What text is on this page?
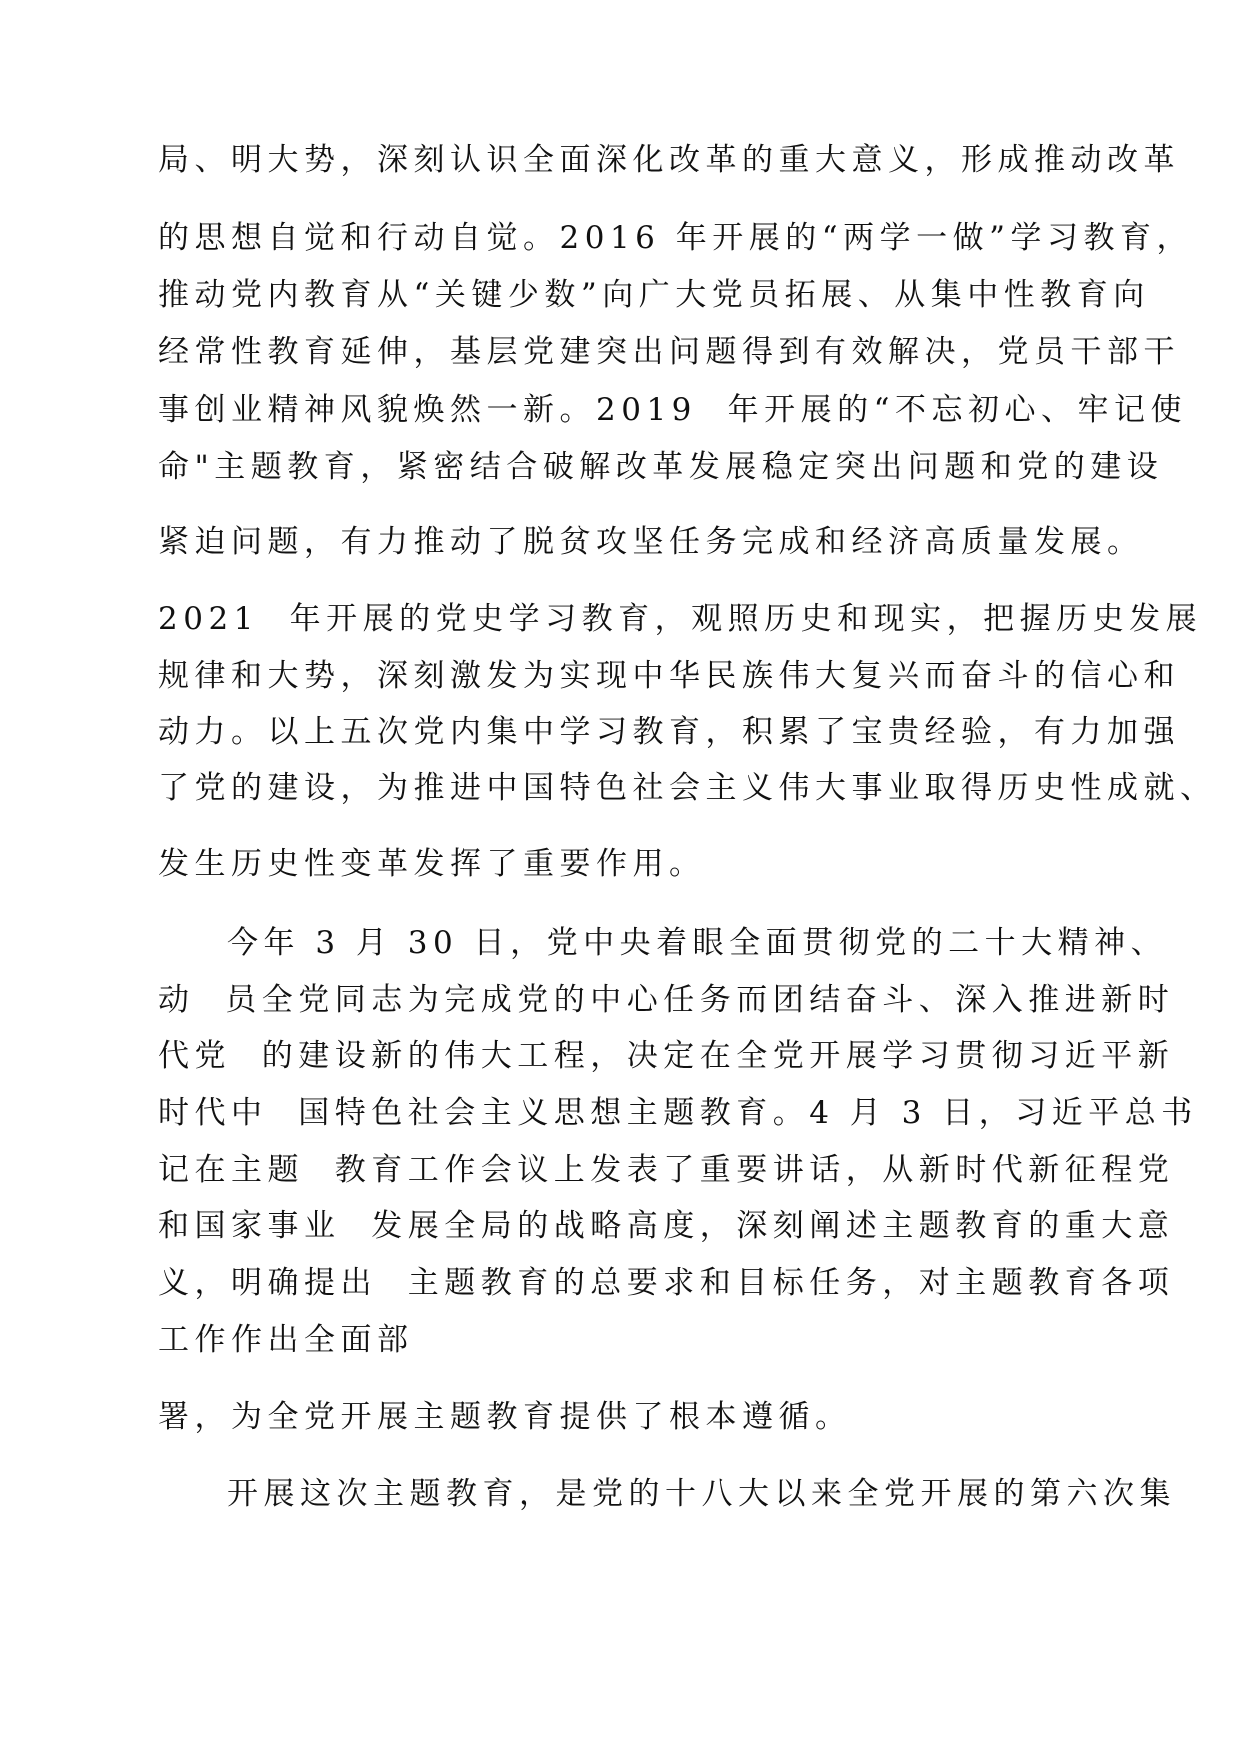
局、明大势，深刻认识全面深化改革的重大意义，形成推动改革
的思想自觉和行动自觉。2016 年开展的“两学一做”学习教育，
推动党内教育从“关键少数”向广大党员拓展、从集中性教育向
经常性教育延伸，基层党建突出问题得到有效解决，党员干部干
事创业精神风貌焕然一新。2019  年开展的“不忘初心、牢记使
命"主题教育，紧密结合破解改革发展稳定突出问题和党的建设
紧迫问题，有力推动了脱贫攻坚任务完成和经济高质量发展。
2021  年开展的党史学习教育，观照历史和现实，把握历史发展
规律和大势，深刻激发为实现中华民族伟大复兴而奋斗的信心和
动力。以上五次党内集中学习教育，积累了宝贵经验，有力加强
了党的建设，为推进中国特色社会主义伟大事业取得历史性成就、
发生历史性变革发挥了重要作用。
今年 3 月 30 日，党中央着眼全面贯彻党的二十大精神、
动  员全党同志为完成党的中心任务而团结奋斗、深入推进新时
代党  的建设新的伟大工程，决定在全党开展学习贯彻习近平新
时代中  国特色社会主义思想主题教育。4 月 3 日，习近平总书
记在主题  教育工作会议上发表了重要讲话，从新时代新征程党
和国家事业  发展全局的战略高度，深刻阐述主题教育的重大意
义，明确提出  主题教育的总要求和目标任务，对主题教育各项
工作作出全面部
署，为全党开展主题教育提供了根本遵循。
开展这次主题教育，是党的十八大以来全党开展的第六次集
